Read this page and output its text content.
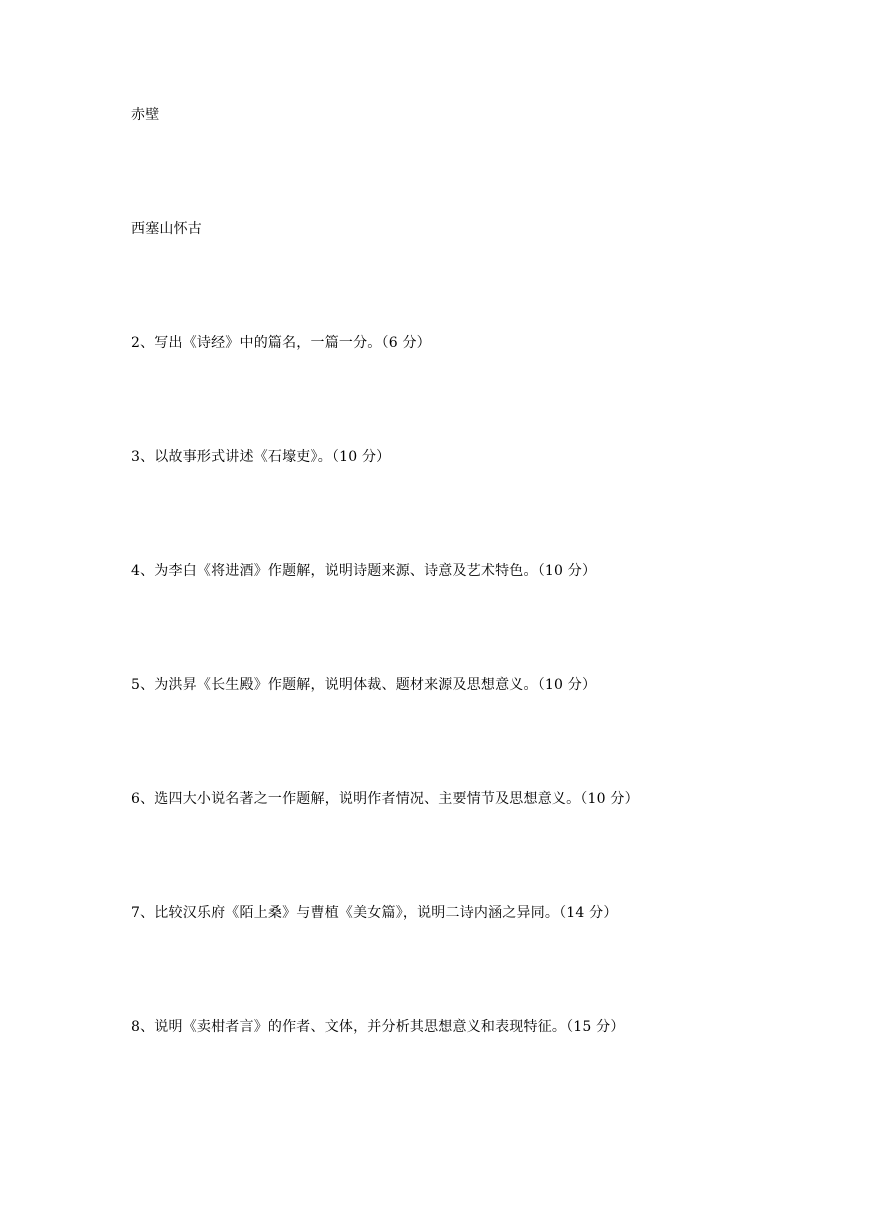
赤壁
西塞山怀古
2、写出《诗经》中的篇名，一篇一分。（6 分）
3、以故事形式讲述《石壕吏》。（10 分）
4、为李白《将进酒》作题解，说明诗题来源、诗意及艺术特色。（10 分）
5、为洪昇《长生殿》作题解，说明体裁、题材来源及思想意义。（10 分）
6、选四大小说名著之一作题解，说明作者情况、主要情节及思想意义。（10 分）
7、比较汉乐府《陌上桑》与曹植《美女篇》，说明二诗内涵之异同。（14 分）
8、说明《卖柑者言》的作者、文体，并分析其思想意义和表现特征。（15 分）
